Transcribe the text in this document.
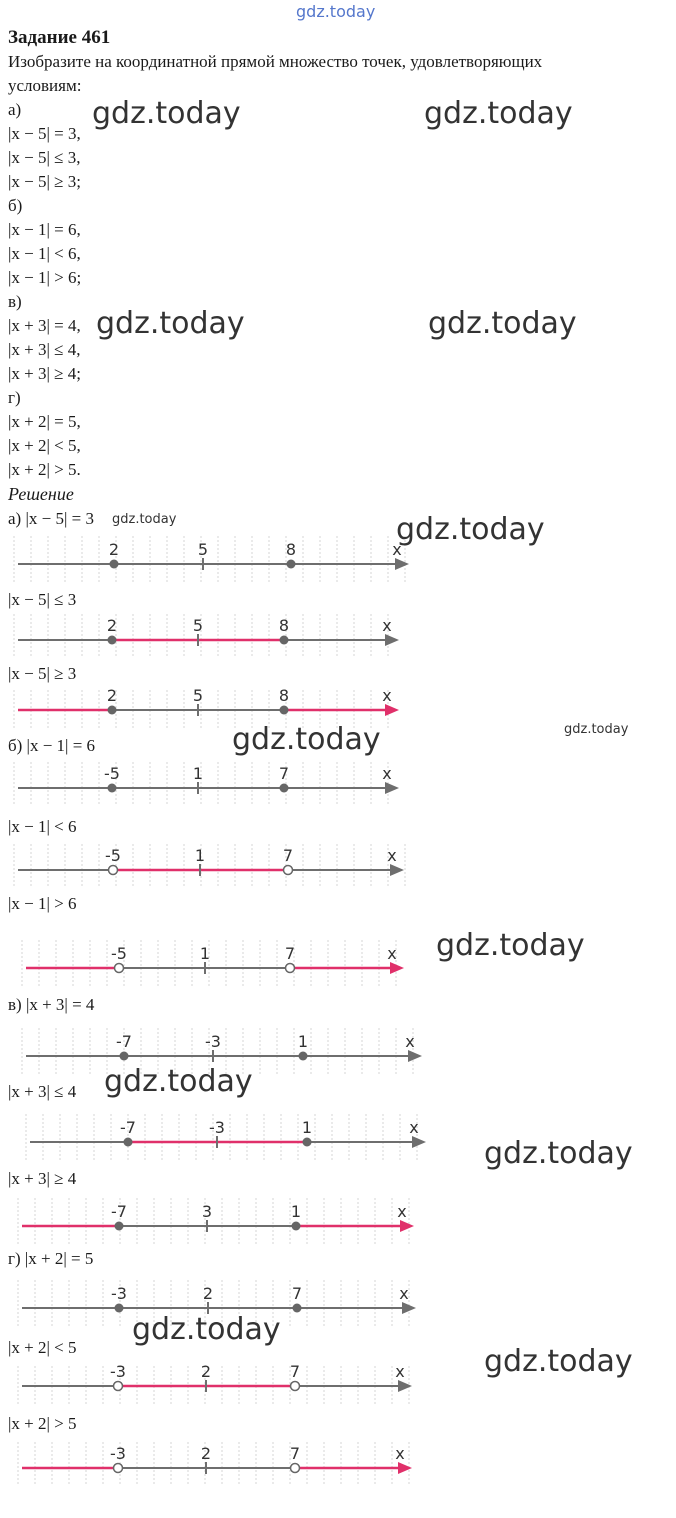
gdz.today
Задание 461
Изобразите на координатной прямой множество точек, удовлетворяющих
условиям:
а)
|x − 5| = 3,
|x − 5| ≤ 3,
|x − 5| ≥ 3;
б)
|x − 1| = 6,
|x − 1| < 6,
|x − 1| > 6;
в)
|x + 3| = 4,
|x + 3| ≤ 4,
|x + 3| ≥ 4;
г)
|x + 2| = 5,
|x + 2| < 5,
|x + 2| > 5.
Решение
а) |x − 5| = 3
|x − 5| ≤ 3
|x − 5| ≥ 3
б) |x − 1| = 6
|x − 1| < 6
|x − 1| > 6
в) |x + 3| = 4
|x + 3| ≤ 4
|x + 3| ≥ 4
г) |x + 2| = 5
|x + 2| < 5
|x + 2| > 5
x
2	5	8
x
2	5	8
x
2	5	8
x
-5	1	7
x
-5	1	7
x
-5	1	7
x
-7	-3	1
x
-7	-3	1
x
-7	3	1
x
-3	2	7
x
-3	2	7
x
-3	2	7
gdz.today	gdz.today
gdz.today	gdz.today
gdz.today	gdz.today
gdz.today	gdz.today
gdz.today
gdz.today
gdz.today
gdz.today
gdz.today
